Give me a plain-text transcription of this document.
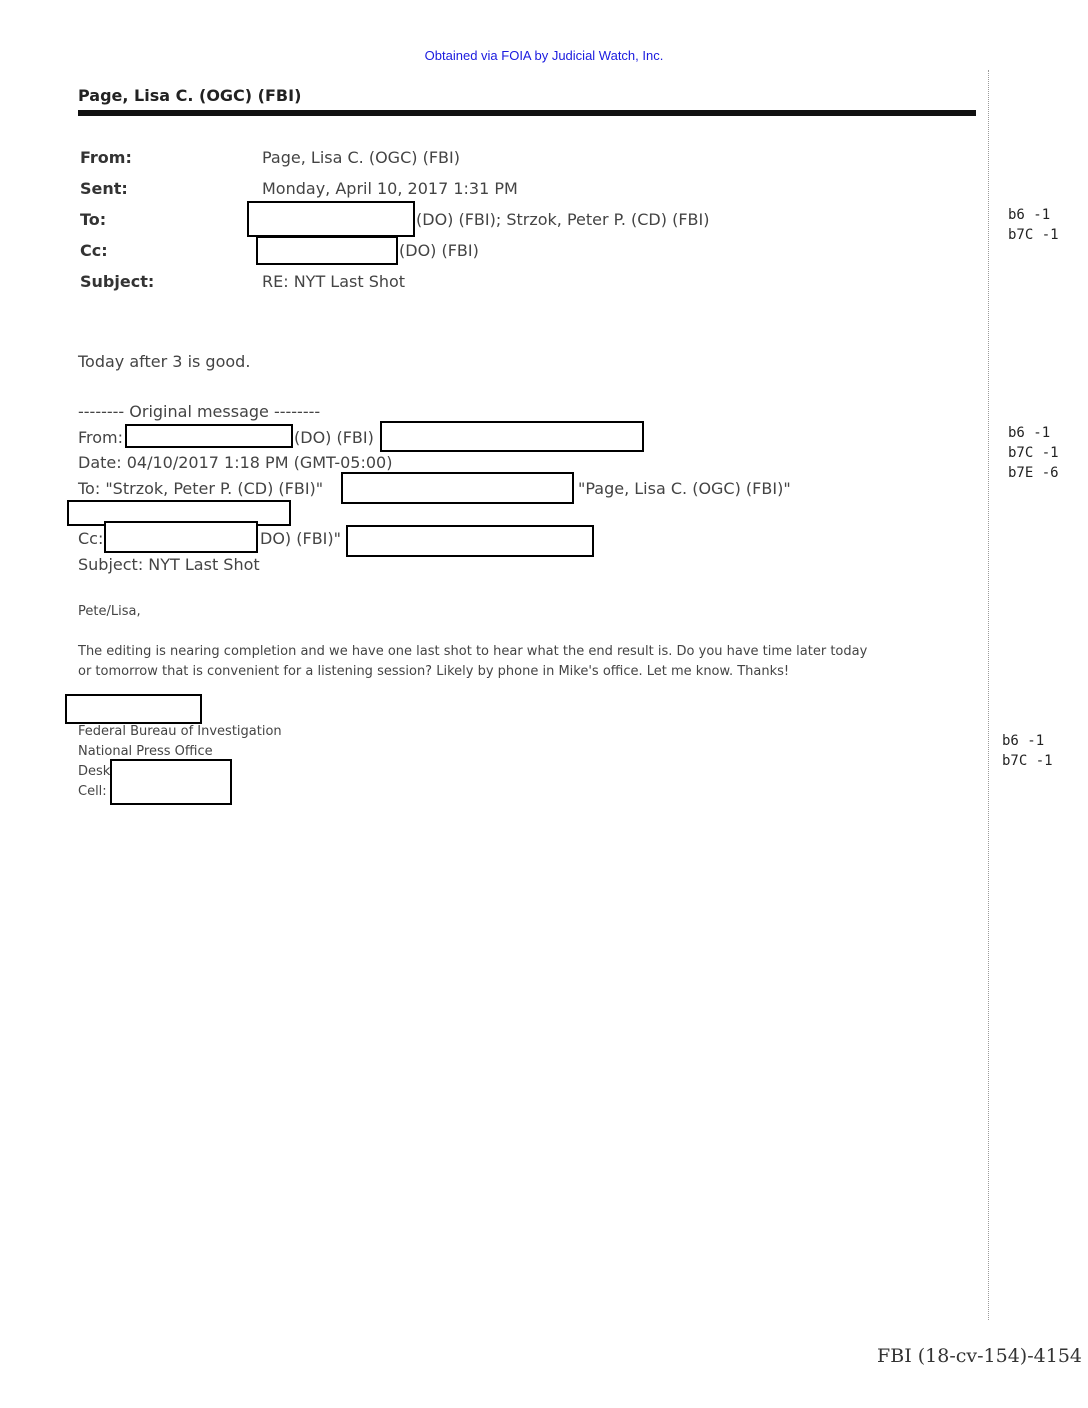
Obtained via FOIA by Judicial Watch, Inc.
Page, Lisa C. (OGC) (FBI)
From:	Page, Lisa C. (OGC) (FBI)
Sent:	Monday, April 10, 2017 1:31 PM
To:	(DO) (FBI); Strzok, Peter P. (CD) (FBI)
Cc:	(DO) (FBI)
Subject:	RE: NYT Last Shot
Today after 3 is good.
-------- Original message --------
From:	(DO) (FBI)
Date: 04/10/2017 1:18 PM (GMT-05:00)
To: "Strzok, Peter P. (CD) (FBI)"	"Page, Lisa C. (OGC) (FBI)"
Cc:	DO) (FBI)"
Subject: NYT Last Shot
Pete/Lisa,
The editing is nearing completion and we have one last shot to hear what the end result is. Do you have time later today
or tomorrow that is convenient for a listening session? Likely by phone in Mike's office. Let me know. Thanks!
Federal Bureau of Investigation
National Press Office
Desk
Cell:
b6 -1
b7C -1
b6 -1
b7C -1
b7E -6
b6 -1
b7C -1
FBI (18-cv-154)-4154
